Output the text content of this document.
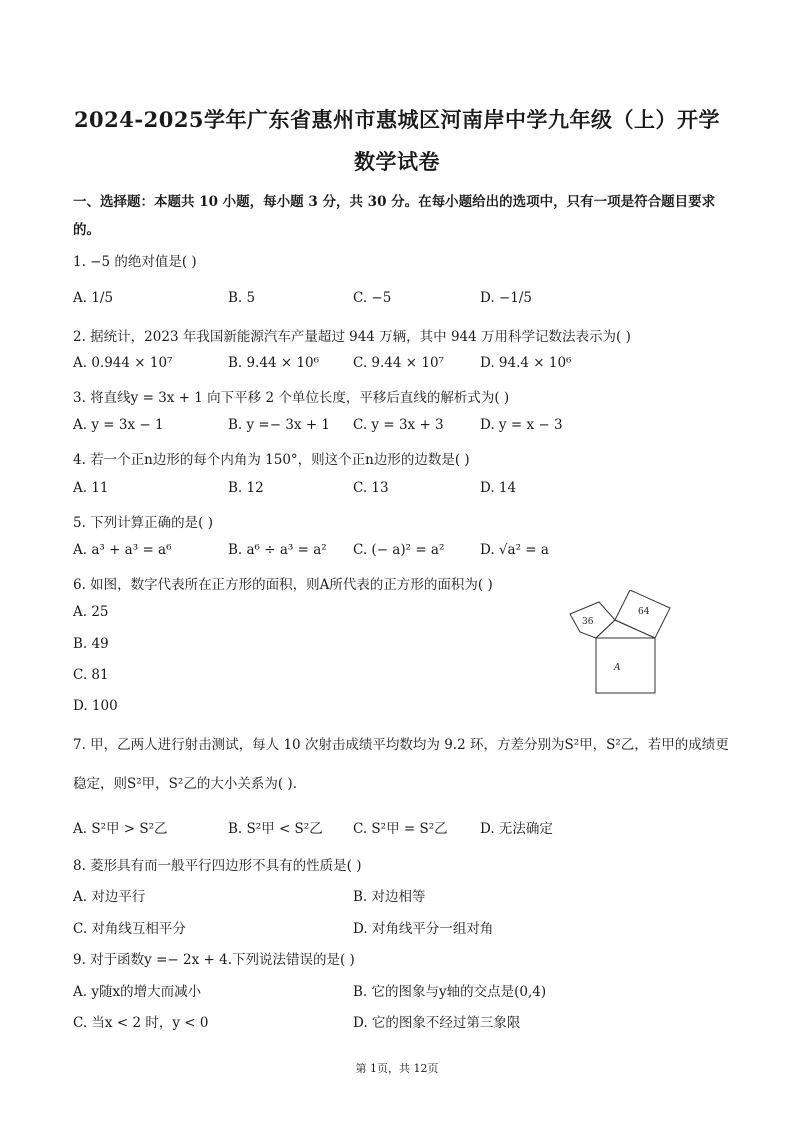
2024-2025学年广东省惠州市惠城区河南岸中学九年级（上）开学
数学试卷
一、选择题：本题共 10 小题，每小题 3 分，共 30 分。在每小题给出的选项中，只有一项是符合题目要求
的。
1. −5 的绝对值是( )
A. 1/5	B. 5	C. −5	D. −1/5
2. 据统计，2023 年我国新能源汽车产量超过 944 万辆，其中 944 万用科学记数法表示为( )
A. 0.944 × 10⁷	B. 9.44 × 10⁶	C. 9.44 × 10⁷	D. 94.4 × 10⁶
3. 将直线y = 3x + 1 向下平移 2 个单位长度，平移后直线的解析式为( )
A. y = 3x − 1	B. y =− 3x + 1 C. y = 3x + 3	D. y = x − 3
4. 若一个正n边形的每个内角为 150°，则这个正n边形的边数是( )
A. 11	B. 12	C. 13	D. 14
5. 下列计算正确的是( )
A. a³ + a³ = a⁶	B. a⁶ ÷ a³ = a² C. (− a)² = a²	D. √a² = a
6. 如图，数字代表所在正方形的面积，则A所代表的正方形的面积为( )
A. 25
B. 49
C. 81
D. 100
36
64
A
7. 甲，乙两人进行射击测试，每人 10 次射击成绩平均数均为 9.2 环，方差分别为S²甲，S²乙，若甲的成绩更
稳定，则S²甲，S²乙的大小关系为( ).
A. S²甲 > S²乙	B. S²甲 < S²乙 C. S²甲 = S²乙 D. 无法确定
8. 菱形具有而一般平行四边形不具有的性质是( )
A. 对边平行	B. 对边相等
C. 对角线互相平分	D. 对角线平分一组对角
9. 对于函数y =− 2x + 4.下列说法错误的是( )
A. y随x的增大而减小	B. 它的图象与y轴的交点是(0,4)
C. 当x < 2 时，y < 0	D. 它的图象不经过第三象限
第 1页，共 12页
